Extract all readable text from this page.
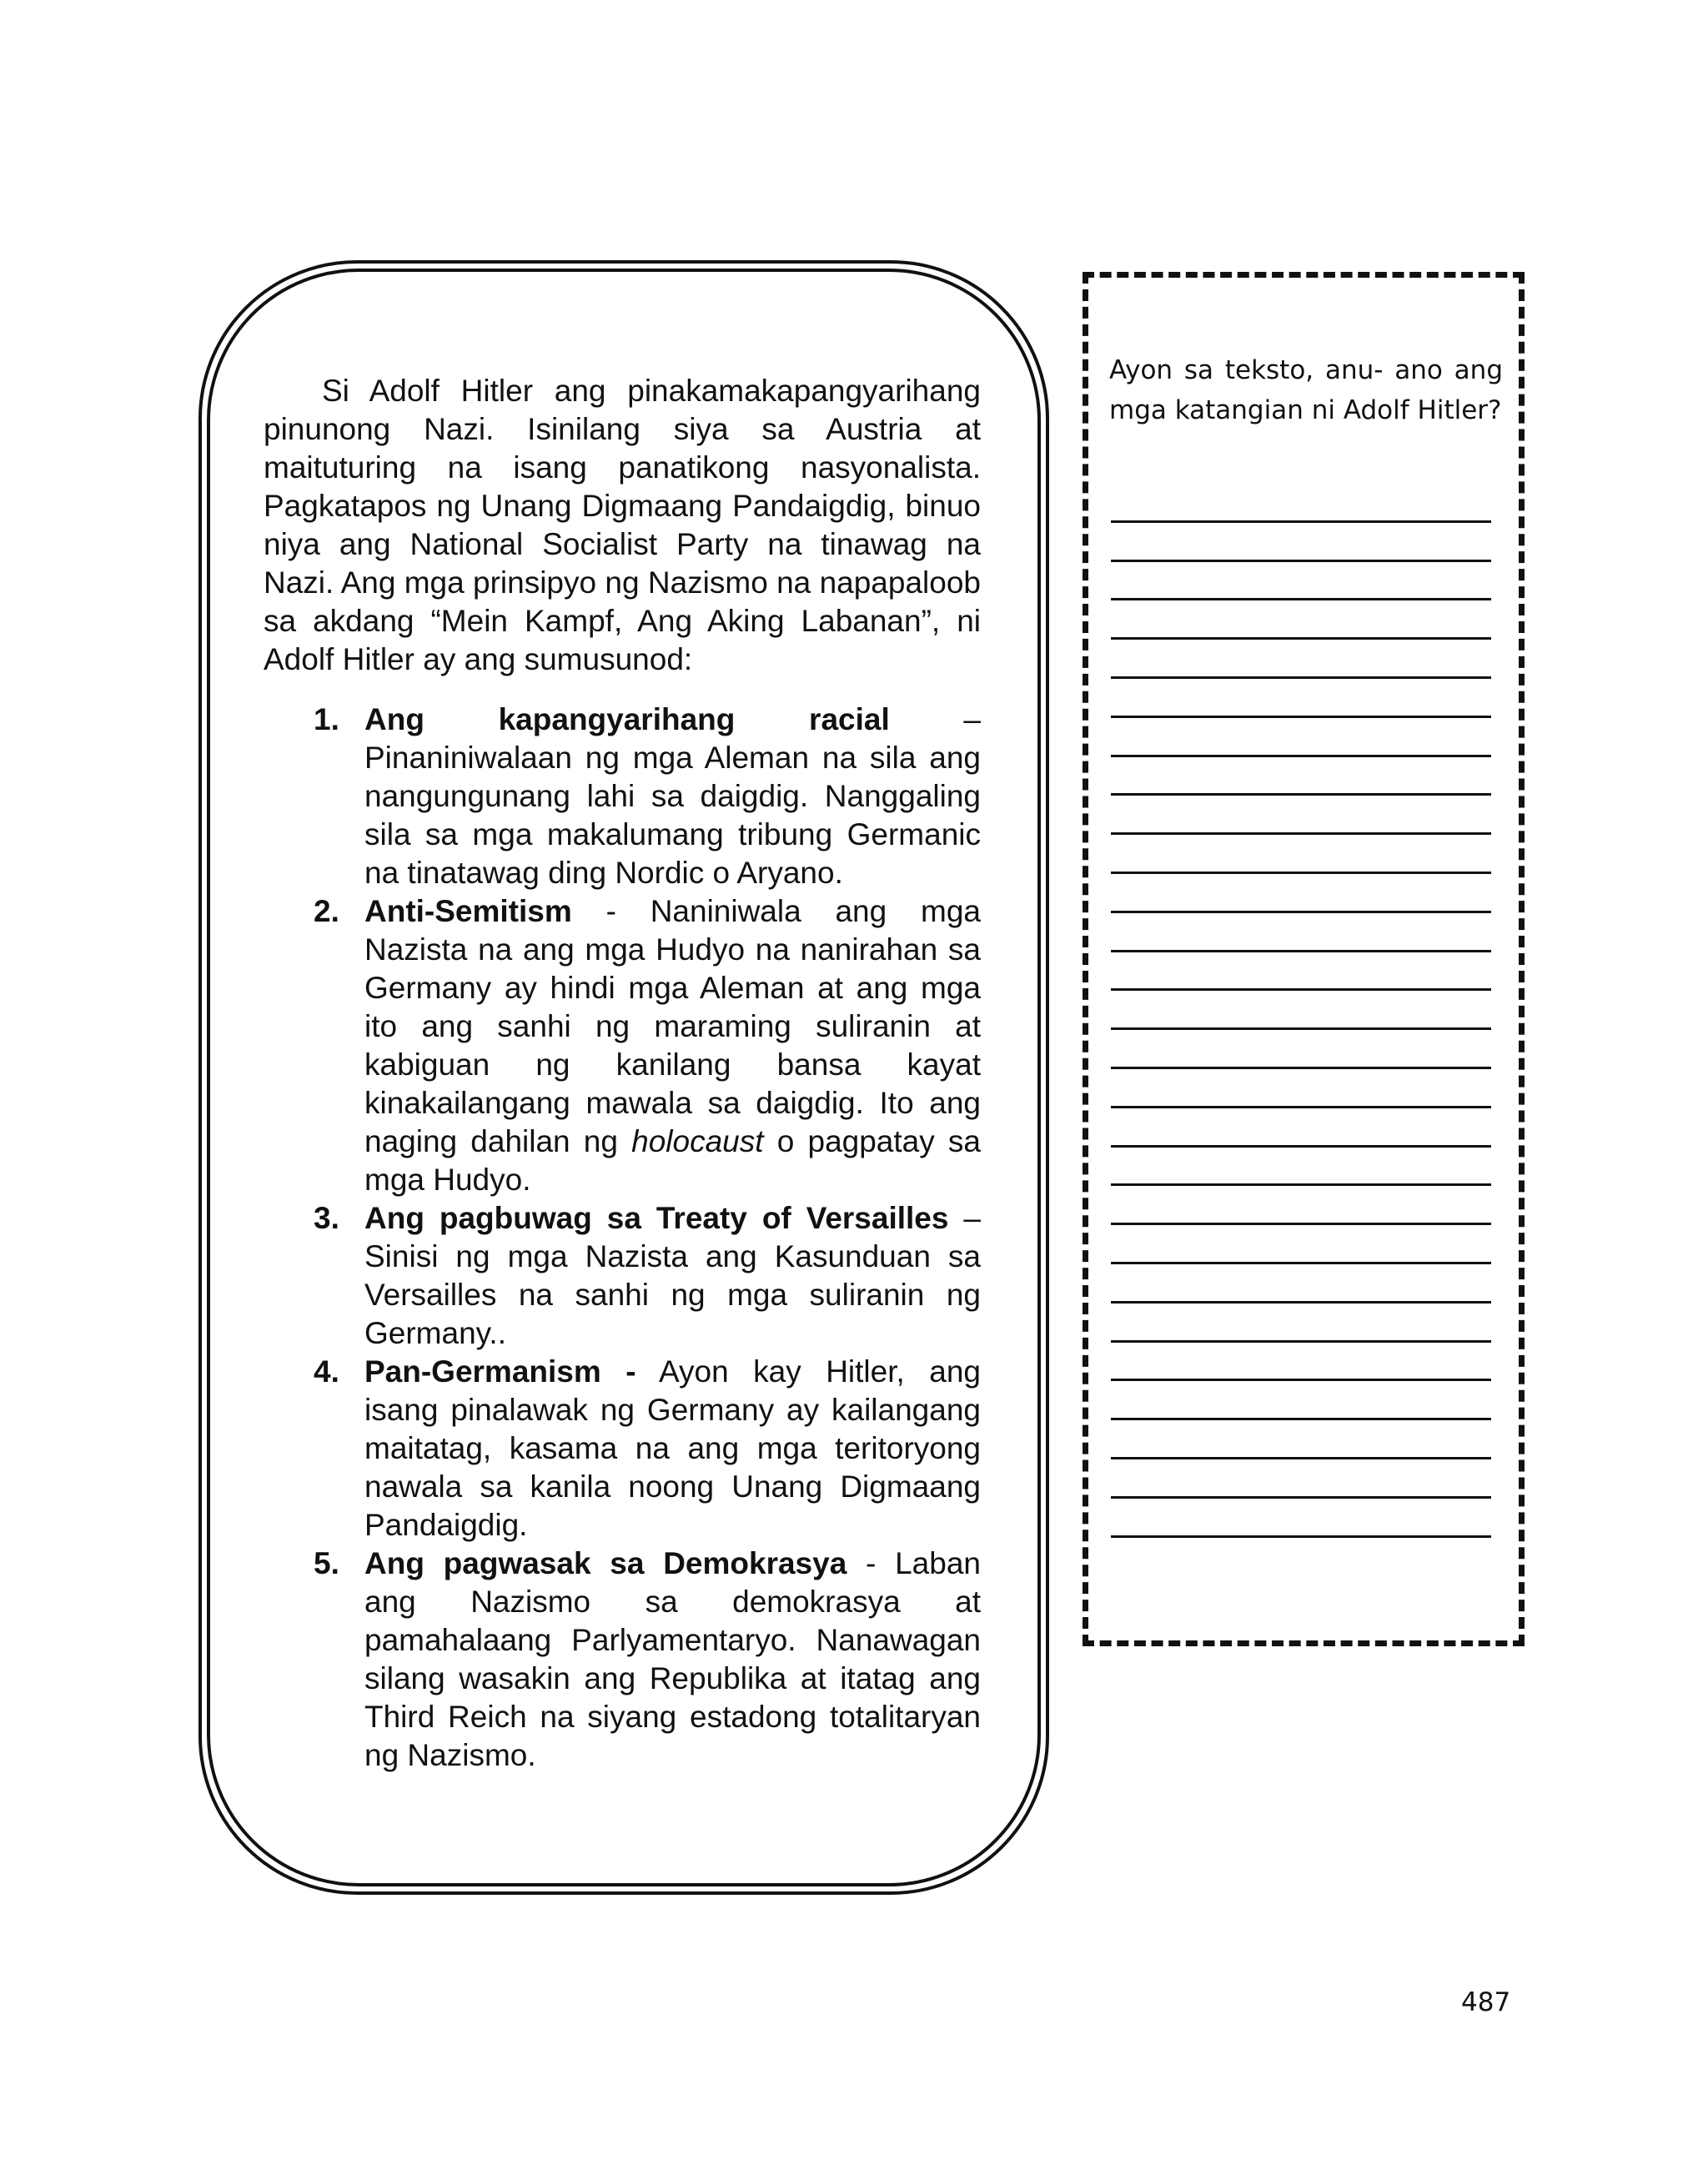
Si Adolf Hitler ang pinakamakapangyarihang pinunong Nazi. Isinilang siya sa Austria at maituturing na isang panatikong nasyonalista. Pagkatapos ng Unang Digmaang Pandaigdig, binuo niya ang National Socialist Party na tinawag na Nazi. Ang mga prinsipyo ng Nazismo na napapaloob sa akdang “Mein Kampf, Ang Aking Labanan”, ni Adolf Hitler ay ang sumusunod:

1. Ang kapangyarihang racial –
Pinaniniwalaan ng mga Aleman na sila ang nangungunang lahi sa daigdig. Nanggaling sila sa mga makalumang tribung Germanic na tinatawag ding Nordic o Aryano.
2. Anti-Semitism - Naniniwala ang mga Nazista na ang mga Hudyo na nanirahan sa Germany ay hindi mga Aleman at ang mga ito ang sanhi ng maraming suliranin at kabiguan ng kanilang bansa kayat kinakailangang mawala sa daigdig. Ito ang naging dahilan ng holocaust o pagpatay sa mga Hudyo.
3. Ang pagbuwag sa Treaty of Versailles – Sinisi ng mga Nazista ang Kasunduan sa Versailles na sanhi ng mga suliranin ng Germany..
4. Pan-Germanism - Ayon kay Hitler, ang isang pinalawak ng Germany ay kailangang maitatag, kasama na ang mga teritoryong nawala sa kanila noong Unang Digmaang Pandaigdig.
5. Ang pagwasak sa Demokrasya - Laban ang Nazismo sa demokrasya at pamahalaang Parlyamentaryo. Nanawagan silang wasakin ang Republika at itatag ang Third Reich na siyang estadong totalitaryan ng Nazismo.
Ayon sa teksto, anu- ano ang mga katangian ni Adolf Hitler?
487
